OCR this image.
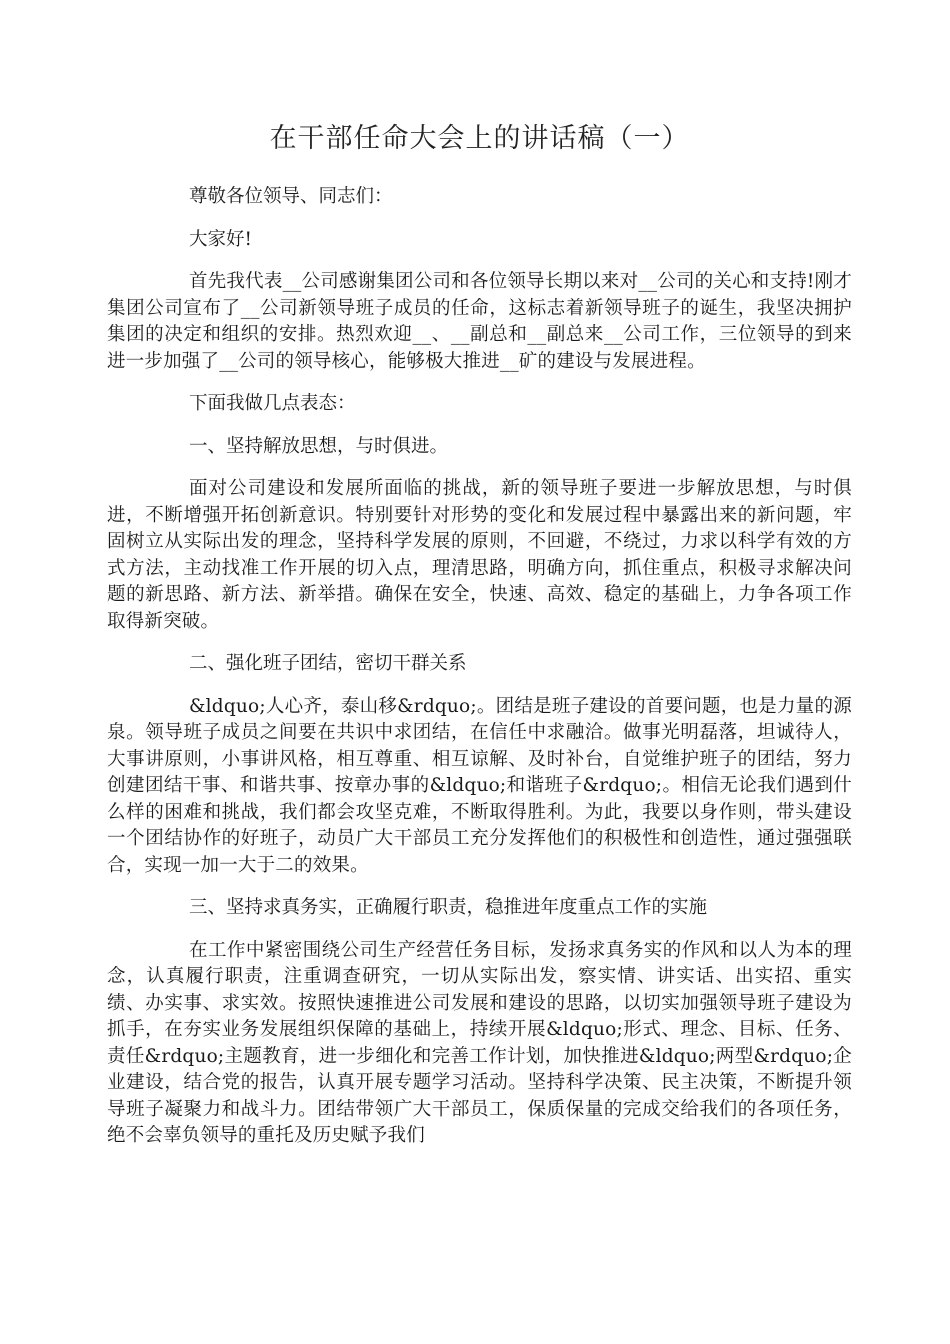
在干部任命大会上的讲话稿（一）

尊敬各位领导、同志们：

大家好!

首先我代表__公司感谢集团公司和各位领导长期以来对__公司的关心和支持!刚才集团公司宣布了__公司新领导班子成员的任命，这标志着新领导班子的诞生，我坚决拥护集团的决定和组织的安排。热烈欢迎__、__副总和__副总来__公司工作，三位领导的到来进一步加强了__公司的领导核心，能够极大推进__矿的建设与发展进程。

下面我做几点表态：

一、坚持解放思想，与时俱进。

面对公司建设和发展所面临的挑战，新的领导班子要进一步解放思想，与时俱进，不断增强开拓创新意识。特别要针对形势的变化和发展过程中暴露出来的新问题，牢固树立从实际出发的理念，坚持科学发展的原则，不回避，不绕过，力求以科学有效的方式方法，主动找准工作开展的切入点，理清思路，明确方向，抓住重点，积极寻求解决问题的新思路、新方法、新举措。确保在安全，快速、高效、稳定的基础上，力争各项工作取得新突破。

二、强化班子团结，密切干群关系

&ldquo;人心齐，泰山移&rdquo;。团结是班子建设的首要问题，也是力量的源泉。领导班子成员之间要在共识中求团结，在信任中求融洽。做事光明磊落，坦诚待人，大事讲原则，小事讲风格，相互尊重、相互谅解、及时补台，自觉维护班子的团结，努力创建团结干事、和谐共事、按章办事的&ldquo;和谐班子&rdquo;。相信无论我们遇到什么样的困难和挑战，我们都会攻坚克难，不断取得胜利。为此，我要以身作则，带头建设一个团结协作的好班子，动员广大干部员工充分发挥他们的积极性和创造性，通过强强联合，实现一加一大于二的效果。

三、坚持求真务实，正确履行职责，稳推进年度重点工作的实施

在工作中紧密围绕公司生产经营任务目标，发扬求真务实的作风和以人为本的理念，认真履行职责，注重调查研究，一切从实际出发，察实情、讲实话、出实招、重实绩、办实事、求实效。按照快速推进公司发展和建设的思路，以切实加强领导班子建设为抓手，在夯实业务发展组织保障的基础上，持续开展&ldquo;形式、理念、目标、任务、责任&rdquo;主题教育，进一步细化和完善工作计划，加快推进&ldquo;两型&rdquo;企业建设，结合党的报告，认真开展专题学习活动。坚持科学决策、民主决策，不断提升领导班子凝聚力和战斗力。团结带领广大干部员工，保质保量的完成交给我们的各项任务，绝不会辜负领导的重托及历史赋予我们
